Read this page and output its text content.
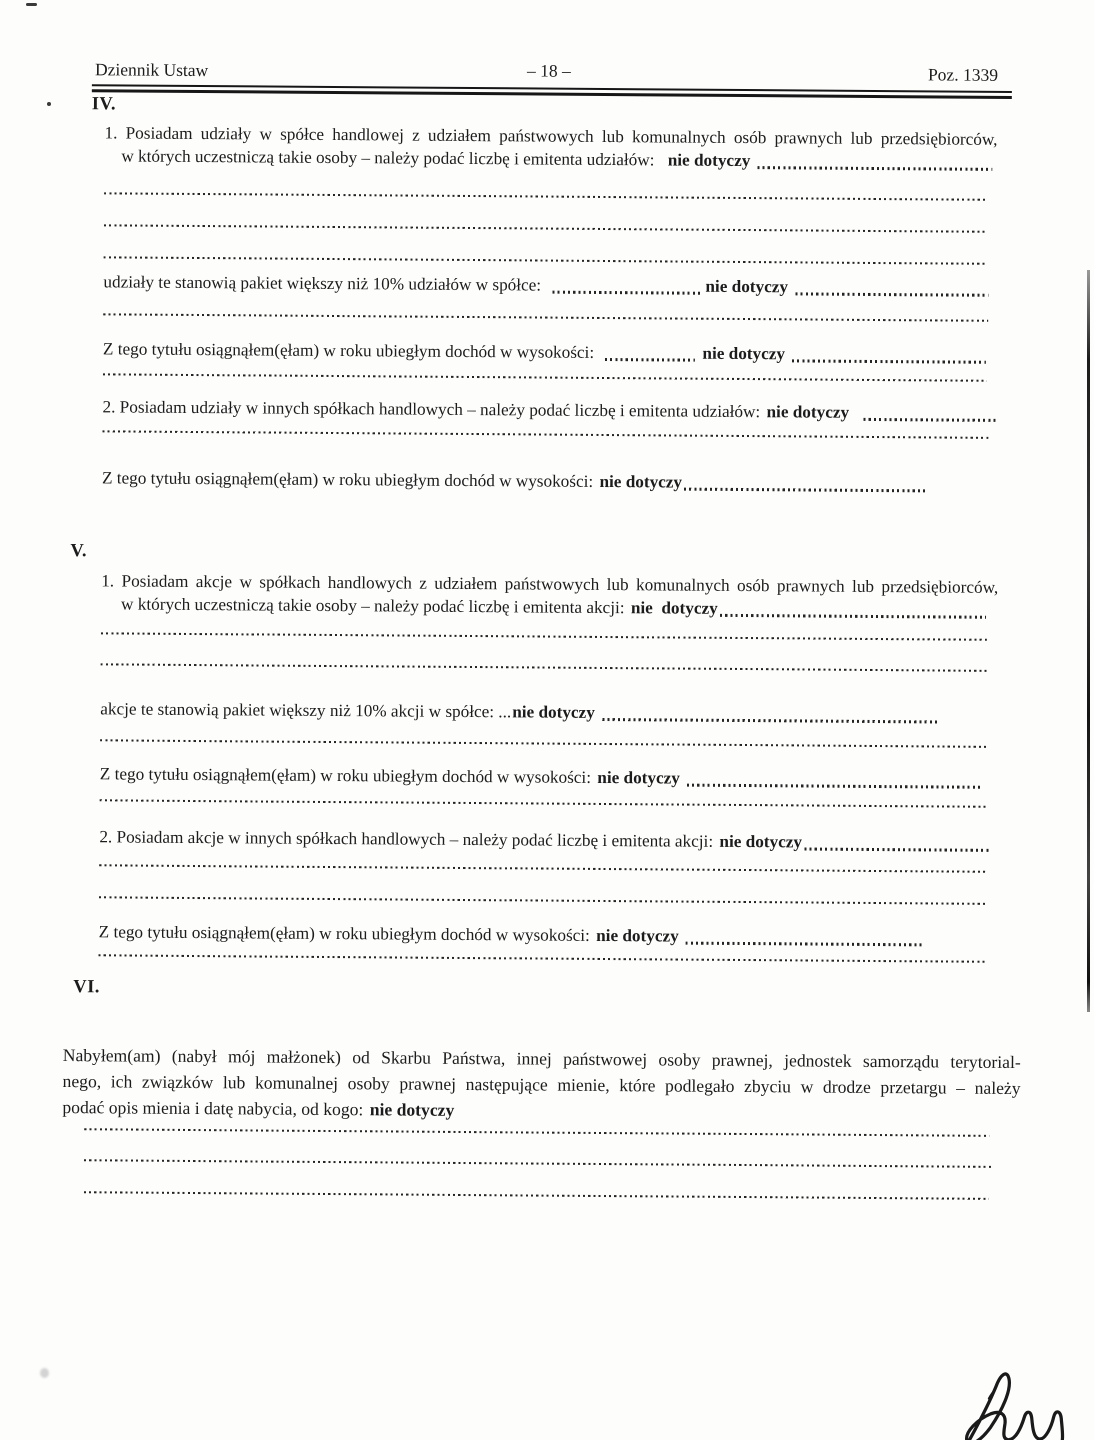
Dziennik Ustaw	– 18 –	Poz. 1339
IV.
1. Posiadam udziały w spółce handlowej z udziałem państwowych lub komunalnych osób prawnych lub przedsiębiorców,
w których uczestniczą takie osoby – należy podać liczbę i emitenta udziałów: nie dotyczy
udziały te stanowią pakiet większy niż 10% udziałów w spółce:	nie dotyczy
Z tego tytułu osiągnąłem(ęłam) w roku ubiegłym dochód w wysokości:	nie dotyczy
2. Posiadam udziały w innych spółkach handlowych – należy podać liczbę i emitenta udziałów: nie dotyczy
Z tego tytułu osiągnąłem(ęłam) w roku ubiegłym dochód w wysokości: nie dotyczy
V.
1. Posiadam akcje w spółkach handlowych z udziałem państwowych lub komunalnych osób prawnych lub przedsiębiorców,
w których uczestniczą takie osoby – należy podać liczbę i emitenta akcji: nie  dotyczy
akcje te stanowią pakiet większy niż 10% akcji w spółce: ... nie dotyczy
Z tego tytułu osiągnąłem(ęłam) w roku ubiegłym dochód w wysokości: nie dotyczy
2. Posiadam akcje w innych spółkach handlowych – należy podać liczbę i emitenta akcji: nie dotyczy
Z tego tytułu osiągnąłem(ęłam) w roku ubiegłym dochód w wysokości: nie dotyczy
VI.
Nabyłem(am) (nabył mój małżonek) od Skarbu Państwa, innej państwowej osoby prawnej, jednostek samorządu terytorial-
nego, ich związków lub komunalnej osoby prawnej następujące mienie, które podlegało zbyciu w drodze przetargu – należy
podać opis mienia i datę nabycia, od kogo: nie dotyczy
